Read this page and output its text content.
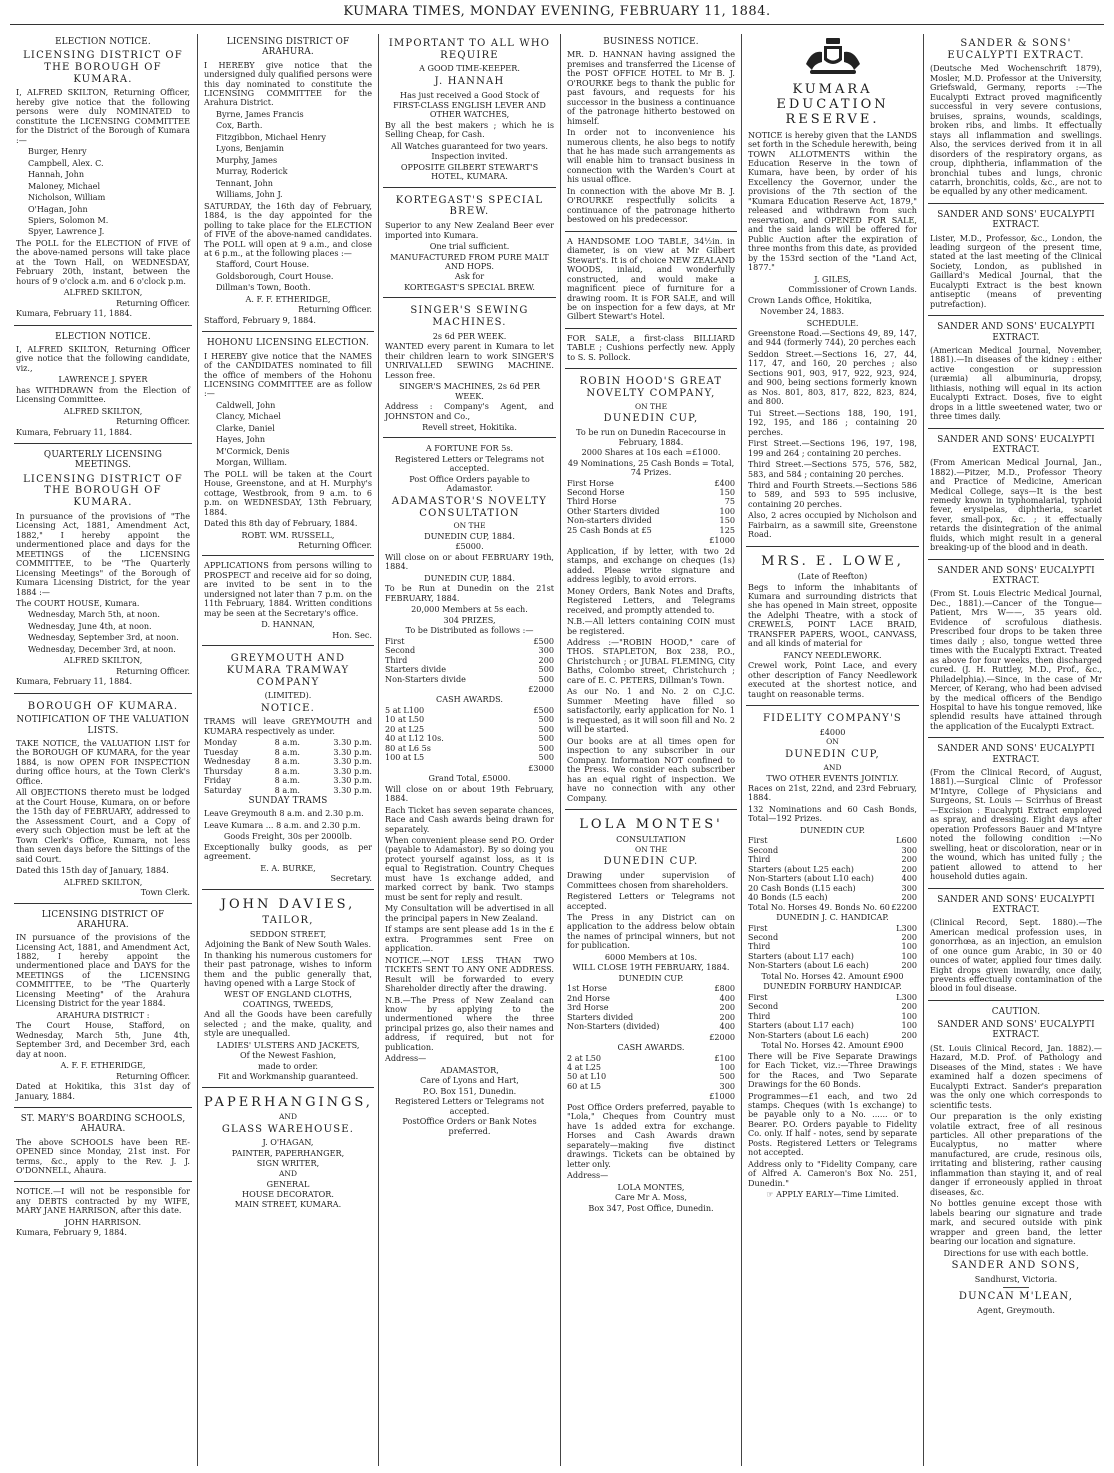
KUMARA TIMES, MONDAY EVENING, FEBRUARY 11, 1884.
ELECTION NOTICE.
LICENSING DISTRICT OF THE BOROUGH OF KUMARA.

I, ALFRED SKILTON, Returning Officer, hereby give notice that the following persons were duly NOMINATED to constitute the LICENSING COMMITTEE for the District of the Borough of Kumara :—

Burger, Henry

Campbell, Alex. C.

Hannah, John

Maloney, Michael

Nicholson, William

O'Hagan, John

Spiers, Solomon M.

Spyer, Lawrence J.

The POLL for the ELECTION of FIVE of the above-named persons will take place at the Town Hall, on WEDNESDAY, February 20th, instant, between the hours of 9 o'clock a.m. and 6 o'clock p.m.

ALFRED SKILTON,
Returning Officer.

Kumara, February 11, 1884.

ELECTION NOTICE.

I, ALFRED SKILTON, Returning Officer give notice that the following candidate, viz.,

LAWRENCE J. SPYER

has WITHDRAWN from the Election of Licensing Committee.

ALFRED SKILTON,
Returning Officer.

Kumara, February 11, 1884.

QUARTERLY LICENSING MEETINGS.
LICENSING DISTRICT OF THE BOROUGH OF KUMARA.

In pursuance of the provisions of "The Licensing Act, 1881, Amendment Act, 1882," I hereby appoint the undermentioned place and days for the MEETINGS of the LICENSING COMMITTEE, to be "The Quarterly Licensing Meetings" of the Borough of Kumara Licensing District, for the year 1884 :—

The COURT HOUSE, Kumara.

Wednesday, March 5th, at noon.

Wednesday, June 4th, at noon.

Wednesday, September 3rd, at noon.

Wednesday, December 3rd, at noon.

ALFRED SKILTON,
Returning Officer.

Kumara, February 11, 1884.

BOROUGH OF KUMARA.
NOTIFICATION OF THE VALUATION LISTS.

TAKE NOTICE, the VALUATION LIST for the BOROUGH OF KUMARA, for the year 1884, is now OPEN FOR INSPECTION during office hours, at the Town Clerk's Office.

All OBJECTIONS thereto must be lodged at the Court House, Kumara, on or before the 15th day of FEBRUARY, addressed to the Assessment Court, and a Copy of every such Objection must be left at the Town Clerk's Office, Kumara, not less than seven days before the Sittings of the said Court.

Dated this 15th day of January, 1884.

ALFRED SKILTON,
Town Clerk.
LICENSING DISTRICT OF ARAHURA.

IN pursuance of the provisions of the Licensing Act, 1881, and Amendment Act, 1882, I hereby appoint the undermentioned place and DAYS for the MEETINGS of the LICENSING COMMITTEE, to be "The Quarterly Licensing Meeting" of the Arahura Licensing District for the year 1884.

ARAHURA DISTRICT :

The Court House, Stafford, on Wednesday, March 5th, June 4th, September 3rd, and December 3rd, each day at noon.

A. F. F. ETHERIDGE,
Returning Officer.

Dated at Hokitika, this 31st day of January, 1884.

ST. MARY'S BOARDING SCHOOLS, AHAURA.

The above SCHOOLS have been RE-OPENED since Monday, 21st inst. For terms, &c., apply to the Rev. J. J. O'DONNELL, Ahaura.

NOTICE.—I will not be responsible for any DEBTS contracted by my WIFE, MARY JANE HARRISON, after this date.

JOHN HARRISON.

Kumara, February 9, 1884.

LICENSING DISTRICT OF ARAHURA.

I HEREBY give notice that the undersigned duly qualified persons were this day nominated to constitute the LICENSING COMMITTEE for the Arahura District.

Byrne, James Francis

Cox, Barth.

Fitzgibbon, Michael Henry

Lyons, Benjamin

Murphy, James

Murray, Roderick

Tennant, John

Williams, John J.

SATURDAY, the 16th day of February, 1884, is the day appointed for the polling to take place for the ELECTION of FIVE of the above-named candidates. The POLL will open at 9 a.m., and close at 6 p.m., at the following places :—

Stafford, Court House.

Goldsborough, Court House.

Dillman's Town, Booth.

A. F. F. ETHERIDGE,
Returning Officer.

Stafford, February 9, 1884.

HOHONU LICENSING ELECTION.

I HEREBY give notice that the NAMES of the CANDIDATES nominated to fill the office of members of the Hohonu LICENSING COMMITTEE are as follow :—

Caldwell, John

Clancy, Michael

Clarke, Daniel

Hayes, John

M'Cormick, Denis

Morgan, William.

The POLL will be taken at the Court House, Greenstone, and at H. Murphy's cottage, Westbrook, from 9 a.m. to 6 p.m. on WEDNESDAY, 13th February, 1884.

Dated this 8th day of February, 1884.

ROBT. WM. RUSSELL,
Returning Officer.

APPLICATIONS from persons willing to PROSPECT and receive aid for so doing, are invited to be sent in to the undersigned not later than 7 p.m. on the 11th February, 1884. Written conditions may be seen at the Secretary's office.

D. HANNAN,
Hon. Sec.
GREYMOUTH AND KUMARA TRAMWAY COMPANY
(LIMITED).
NOTICE.

TRAMS will leave GREYMOUTH and KUMARA respectively as under.

Monday	8 a.m.	3.30 p.m.
Tuesday	8 a.m.	3.30 p.m.
Wednesday	8 a.m.	3.30 p.m.
Thursday	8 a.m.	3.30 p.m.
Friday	8 a.m.	3.30 p.m.
Saturday	8 a.m.	3.30 p.m.
SUNDAY TRAMS

Leave Greymouth 8 a.m. and 2.30 p.m.

Leave Kumara ... 8 a.m. and 2.30 p.m.

Goods Freight, 30s per 2000lb.

Exceptionally bulky goods, as per agreement.

E. A. BURKE,
Secretary.
JOHN DAVIES,
TAILOR,
SEDDON STREET,
Adjoining the Bank of New South Wales.

In thanking his numerous customers for their past patronage, wishes to inform them and the public generally that, having opened with a Large Stock of

WEST OF ENGLAND CLOTHS, COATINGS, TWEEDS,

And all the Goods have been carefully selected ; and the make, quality, and style are unequalled.

LADIES' ULSTERS AND JACKETS,
Of the Newest Fashion,
made to order.
Fit and Workmanship guaranteed.
PAPERHANGINGS,
AND
GLASS WAREHOUSE.
J. O'HAGAN,
PAINTER, PAPERHANGER,
SIGN WRITER,
AND
GENERAL
HOUSE DECORATOR.
MAIN STREET, KUMARA.
IMPORTANT TO ALL WHO REQUIRE
A GOOD TIME-KEEPER.
J. HANNAH
Has just received a Good Stock of
FIRST-CLASS ENGLISH LEVER AND OTHER WATCHES,

By all the best makers ; which he is Selling Cheap, for Cash.

All Watches guaranteed for two years.
Inspection invited.
OPPOSITE GILBERT STEWART'S HOTEL, KUMARA.
KORTEGAST'S SPECIAL BREW.

Superior to any New Zealand Beer ever imported into Kumara.

One trial sufficient.
MANUFACTURED FROM PURE MALT AND HOPS.
Ask for
KORTEGAST'S SPECIAL BREW.
SINGER'S SEWING MACHINES.
2s 6d PER WEEK.

WANTED every parent in Kumara to let their children learn to work SINGER'S UNRIVALLED SEWING MACHINE. Lesson free.

SINGER'S MACHINES, 2s 6d PER WEEK.

Address : Company's Agent, and JOHNSTON and Co.,

Revell street, Hokitika.
A FORTUNE FOR 5s.
Registered Letters or Telegrams not accepted.
Post Office Orders payable to Adamastor.
ADAMASTOR'S NOVELTY CONSULTATION
ON THE
DUNEDIN CUP, 1884.
£5000.

Will close on or about FEBRUARY 19th, 1884.

DUNEDIN CUP, 1884.

To be Run at Dunedin on the 21st FEBRUARY, 1884.

20,000 Members at 5s each.
304 PRIZES,
To be Distributed as follows :—
First	£500
Second	300
Third	200
Starters divide	500
Non-Starters divide	500
£2000
CASH AWARDS.
5 at L100	£500
10 at L50	500
20 at L25	500
40 at L12 10s.	500
80 at L6 5s	500
100 at L5	500
£3000
Grand Total, £5000.

Will close on or about 19th February, 1884.

Each Ticket has seven separate chances, Race and Cash awards being drawn for separately.

When convenient please send P.O. Order (payable to Adamastor). By so doing you protect yourself against loss, as it is equal to Registration. Country Cheques must have 1s exchange added, and marked correct by bank. Two stamps must be sent for reply and result.

My Consultation will be advertised in all the principal papers in New Zealand.

If stamps are sent please add 1s in the £ extra. Programmes sent Free on application.

NOTICE.—NOT LESS THAN TWO TICKETS SENT TO ANY ONE ADDRESS. Result will be forwarded to every Shareholder directly after the drawing.

N.B.—The Press of New Zealand can know by applying to the undermentioned where the three principal prizes go, also their names and address, if required, but not for publication.

Address—

ADAMASTOR,
Care of Lyons and Hart,
P.O. Box 151, Dunedin.
Registered Letters or Telegrams not accepted.
PostOffice Orders or Bank Notes preferred.
BUSINESS NOTICE.

MR. D. HANNAN having assigned the premises and transferred the License of the POST OFFICE HOTEL to Mr B. J. O'ROURKE begs to thank the public for past favours, and requests for his successor in the business a continuance of the patronage hitherto bestowed on himself.

In order not to inconvenience his numerous clients, he also begs to notify that he has made such arrangements as will enable him to transact business in connection with the Warden's Court at his usual office.

In connection with the above Mr B. J. O'ROURKE respectfully solicits a continuance of the patronage hitherto bestowed on his predecessor.

A HANDSOME LOO TABLE, 34½in. in diameter, is on view at Mr Gilbert Stewart's. It is of choice NEW ZEALAND WOODS, inlaid, and wonderfully constructed, and would make a magnificent piece of furniture for a drawing room. It is FOR SALE, and will be on inspection for a few days, at Mr Gilbert Stewart's Hotel.

FOR SALE, a first-class BILLIARD TABLE ; Cushions perfectly new. Apply to S. S. Pollock.

ROBIN HOOD'S GREAT NOVELTY COMPANY,
ON THE
DUNEDIN CUP,
To be run on Dunedin Racecourse in February, 1884.
2000 Shares at 10s each =£1000.
49 Nominations, 25 Cash Bonds = Total, 74 Prizes.
First Horse	£400
Second Horse	150
Third Horse	75
Other Starters divided	100
Non-starters divided	150
25 Cash Bonds at £5	125
£1000

Application, if by letter, with two 2d stamps, and exchange on cheques (1s) added. Please write signature and address legibly, to avoid errors.

Money Orders, Bank Notes and Drafts, Registered Letters, and Telegrams received, and promptly attended to.

N.B.—All letters containing COIN must be registered.

Address :—"ROBIN HOOD," care of THOS. STAPLETON, Box 238, P.O., Christchurch ; or JUBAL FLEMING, City Baths, Colombo street, Christchurch ; care of E. C. PETERS, Dillman's Town.

As our No. 1 and No. 2 on C.J.C. Summer Meeting have filled so satisfactorily, early application for No. 1 is requested, as it will soon fill and No. 2 will be started.

Our books are at all times open for inspection to any subscriber in our Company. Information NOT confined to the Press. We consider each subscriber has an equal right of inspection. We have no connection with any other Company.

LOLA MONTES'
CONSULTATION
ON THE
DUNEDIN CUP.

Drawing under supervision of Committees chosen from shareholders.

Registered Letters or Telegrams not accepted.

The Press in any District can on application to the address below obtain the names of principal winners, but not for publication.

6000 Members at 10s.
WILL CLOSE 19TH FEBRUARY, 1884.
DUNEDIN CUP.
1st Horse	£800
2nd Horse	400
3rd Horse	200
Starters divided	200
Non-Starters (divided)	400
£2000
CASH AWARDS.
2 at L50	£100
4 at L25	100
50 at L10	500
60 at L5	300
£1000

Post Office Orders preferred, payable to "Lola," Cheques from Country must have 1s added extra for exchange. Horses and Cash Awards drawn separately—making five distinct drawings. Tickets can be obtained by letter only.

Address—

LOLA MONTES,
Care Mr A. Moss,
Box 347, Post Office, Dunedin.
KUMARA EDUCATION RESERVE.

NOTICE is hereby given that the LANDS set forth in the Schedule herewith, being TOWN ALLOTMENTS within the Education Reserve in the town of Kumara, have been, by order of his Excellency the Governor, under the provisions of the 7th section of the "Kumara Education Reserve Act, 1879," released and withdrawn from such reservation, and OPENED FOR SALE, and the said lands will be offered for Public Auction after the expiration of three months from this date, as provided by the 153rd section of the "Land Act, 1877."

J. GILES,
Commissioner of Crown Lands.

Crown Lands Office, Hokitika,

November 24, 1883.

SCHEDULE.

Greenstone Road.—Sections 49, 89, 147, and 944 (formerly 744), 20 perches each

Seddon Street.—Sections 16, 27, 44, 117, 47, and 160, 20 perches ; also Sections 901, 903, 917, 922, 923, 924, and 900, being sections formerly known as Nos. 801, 803, 817, 822, 823, 824, and 800.

Tui Street.—Sections 188, 190, 191, 192, 195, and 186 ; containing 20 perches.

First Street.—Sections 196, 197, 198, 199 and 264 ; containing 20 perches.

Third Street.—Sections 575, 576, 582, 583, and 584 ; containing 20 perches.

Third and Fourth Streets.—Sections 586 to 589, and 593 to 595 inclusive, containing 20 perches.

Also, 2 acres occupied by Nicholson and Fairbairn, as a sawmill site, Greenstone Road.

MRS. E. LOWE,
(Late of Reefton)

Begs to inform the inhabitants of Kumara and surrounding districts that she has opened in Main street, opposite the Adelphi Theatre, with a stock of CREWELS, POINT LACE BRAID, TRANSFER PAPERS, WOOL, CANVASS, and all kinds of material for

FANCY NEEDLEWORK.

Crewel work, Point Lace, and every other description of Fancy Needlework executed at the shortest notice, and taught on reasonable terms.

FIDELITY COMPANY'S
£4000
ON
DUNEDIN CUP,
AND
TWO OTHER EVENTS JOINTLY.

Races on 21st, 22nd, and 23rd February, 1884.

132 Nominations and 60 Cash Bonds, Total—192 Prizes.

DUNEDIN CUP.
First	L600
Second	300
Third	200
Starters (about L25 each)	200
Non-Starters (about L10 each)	400
20 Cash Bonds (L15 each)	300
40 Bonds (L5 each)	200
Total No. Horses 49. Bonds No. 60	£2200
DUNEDIN J. C. HANDICAP.
First	L300
Second	200
Third	100
Starters (about L17 each)	100
Non-Starters (about L6 each)	200
Total No. Horses 42. Amount £900
DUNEDIN FORBURY HANDICAP.
First	L300
Second	200
Third	100
Starters (about L17 each)	100
Non-Starters (about L6 each)	200
Total No. Horses 42. Amount £900

There will be Five Separate Drawings for Each Ticket, viz.:—Three Drawings for the Races, and Two Separate Drawings for the 60 Bonds.

Programmes—£1 each, and two 2d stamps. Cheques (with 1s exchange) to be payable only to a No. ...... or to Bearer. P.O. Orders payable to Fidelity Co. only. If half - notes, send by separate Posts. Registered Letters or Telegrams not accepted.

Address only to "Fidelity Company, care of Alfred A. Cameron's Box No. 251, Dunedin."

☞ APPLY EARLY—Time Limited.
SANDER & SONS' EUCALYPTI EXTRACT.

(Deutsche Med Wochenschrift 1879), Mosler, M.D. Professor at the University, Griefswald, Germany, reports :—The Eucalypti Extract proved magnificently successful in very severe contusions, bruises, sprains, wounds, scaldings, broken ribs, and limbs. It effectually stays all inflammation and swellings. Also, the services derived from it in all disorders of the respiratory organs, as croup, diphtheria, inflammation of the bronchial tubes and lungs, chronic catarrh, bronchitis, colds, &c., are not to be equalled by any other medicament.

SANDER AND SONS' EUCALYPTI EXTRACT.

Lister, M.D., Professor, &c., London, the leading surgeon of the present time, stated at the last meeting of the Clinical Society, London, as published in Gaillard's Medical Journal, that the Eucalypti Extract is the best known antiseptic (means of preventing putrefaction).

SANDER AND SONS' EUCALYPTI EXTRACT.

(American Medical Journal, November, 1881).—In diseases of the kidney : either active congestion or suppression (uræmia) all albuminuria, dropsy, lithiasis, nothing will equal in its action Eucalypti Extract. Doses, five to eight drops in a little sweetened water, two or three times daily.

SANDER AND SONS' EUCALYPTI EXTRACT.

(From American Medical Journal, Jan., 1882).—Pitzer, M.D., Professor Theory and Practice of Medicine, American Medical College, says—It is the best remedy known in typhomalarial, typhoid fever, erysipelas, diphtheria, scarlet fever, small-pox, &c. ; it effectually retards the disintegration of the animal fluids, which might result in a general breaking-up of the blood and in death.

SANDER AND SONS' EUCALYPTI EXTRACT.

(From St. Louis Electric Medical Journal, Dec., 1881).—Cancer of the Tongue—Patient, Mrs W——, 35 years old. Evidence of scrofulous diathesis. Prescribed four drops to be taken three times daily ; also, tongue wetted three times with the Eucalypti Extract. Treated as above for four weeks, then discharged cured. (J. H. Ruttley, M.D., Prof., &c., Philadelphia).—Since, in the case of Mr Mercer, of Kerang, who had been advised by the medical officers of the Bendigo Hospital to have his tongue removed, like splendid results have attained through the application of the Eucalypti Extract.

SANDER AND SONS' EUCALYPTI EXTRACT.

(From the Clinical Record, of August, 1881).—Surgical Clinic of Professor M'Intyre, College of Physicians and Surgeons, St. Louis — Scirrhus of Breast—Excision : Eucalypti Extract employed as spray, and dressing. Eight days after operation Professors Bauer and M'Intyre noted the following condition :—No swelling, heat or discoloration, near or in the wound, which has united fully ; the patient allowed to attend to her household duties again.

SANDER AND SONS' EUCALYPTI EXTRACT.

(Clinical Record, Sept. 1880).—The American medical profession uses, in gonorrhœa, as an injection, an emulsion of one ounce gum Arabic, in 30 or 40 ounces of water, applied four times daily. Eight drops given inwardly, once daily, prevents effectually contamination of the blood in foul disease.

CAUTION.
SANDER AND SONS' EUCALYPTI EXTRACT.

(St. Louis Clinical Record, Jan. 1882).—Hazard, M.D. Prof. of Pathology and Diseases of the Mind, states : We have examined half a dozen specimens of Eucalypti Extract. Sander's preparation was the only one which corresponds to scientific tests.

Our preparation is the only existing volatile extract, free of all resinous particles. All other preparations of the Eucalyptus, no matter where manufactured, are crude, resinous oils, irritating and blistering, rather causing inflammation than staying it, and of real danger if erroneously applied in throat diseases, &c.

No bottles genuine except those with labels bearing our signature and trade mark, and secured outside with pink wrapper and green band, the letter bearing our location and signature.

Directions for use with each bottle.
SANDER AND SONS,
Sandhurst, Victoria.
DUNCAN M'LEAN,
Agent, Greymouth.
